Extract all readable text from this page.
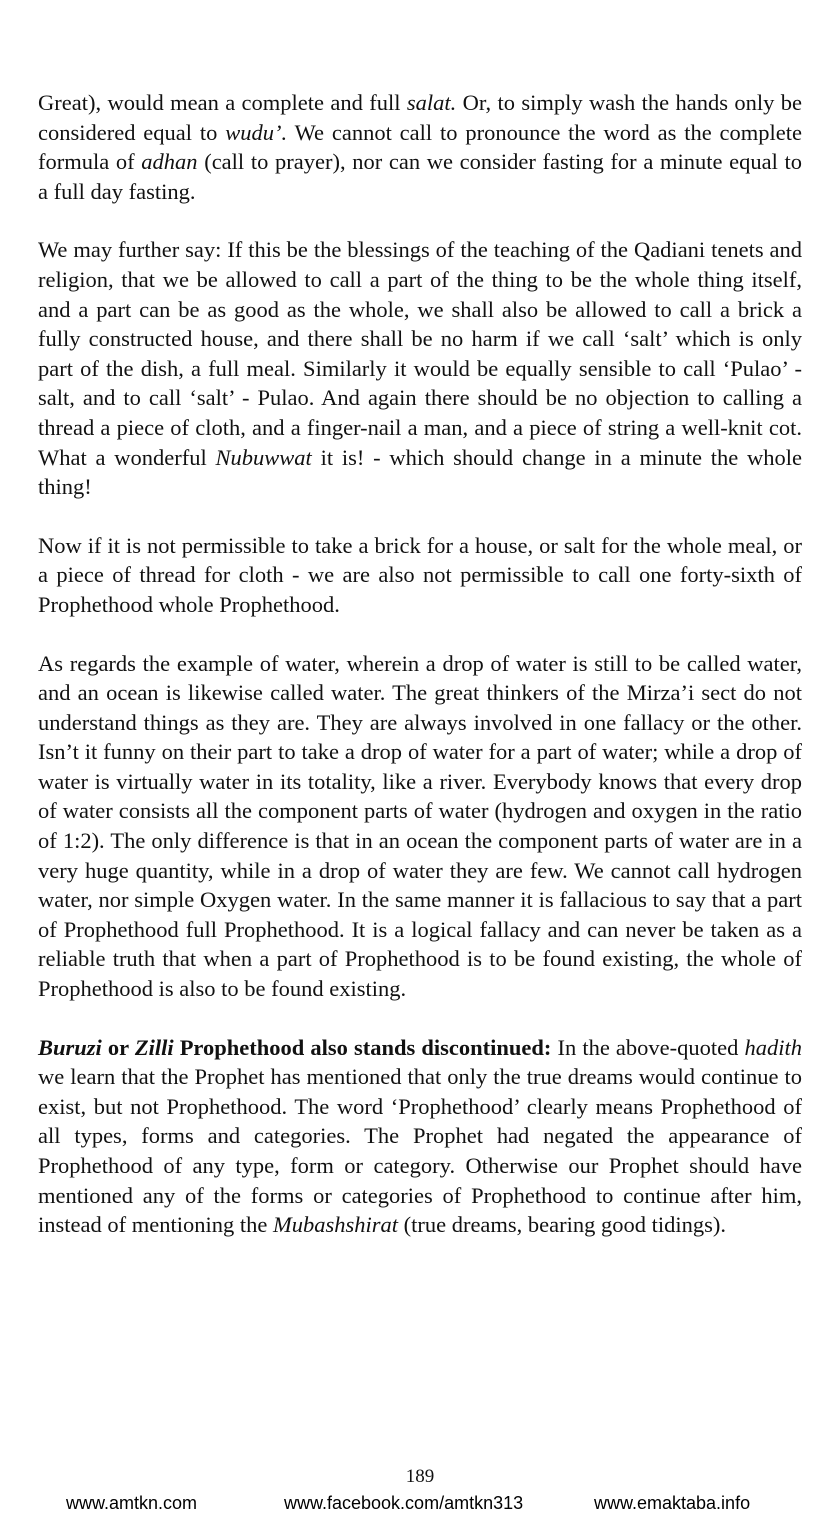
Great), would mean a complete and full salat. Or, to simply wash the hands only be considered equal to wudu’. We cannot call to pronounce the word as the complete formula of adhan (call to prayer), nor can we consider fasting for a minute equal to a full day fasting.

We may further say: If this be the blessings of the teaching of the Qadiani tenets and religion, that we be allowed to call a part of the thing to be the whole thing itself, and a part can be as good as the whole, we shall also be allowed to call a brick a fully constructed house, and there shall be no harm if we call ‘salt’ which is only part of the dish, a full meal. Similarly it would be equally sensible to call ‘Pulao’ - salt, and to call ‘salt’ - Pulao. And again there should be no objection to calling a thread a piece of cloth, and a finger-nail a man, and a piece of string a well-knit cot. What a wonderful Nubuwwat it is! - which should change in a minute the whole thing!

Now if it is not permissible to take a brick for a house, or salt for the whole meal, or a piece of thread for cloth - we are also not permissible to call one forty-sixth of Prophethood whole Prophethood.

As regards the example of water, wherein a drop of water is still to be called water, and an ocean is likewise called water. The great thinkers of the Mirza’i sect do not understand things as they are. They are always involved in one fallacy or the other. Isn’t it funny on their part to take a drop of water for a part of water; while a drop of water is virtually water in its totality, like a river. Everybody knows that every drop of water consists all the component parts of water (hydrogen and oxygen in the ratio of 1:2). The only difference is that in an ocean the component parts of water are in a very huge quantity, while in a drop of water they are few. We cannot call hydrogen water, nor simple Oxygen water. In the same manner it is fallacious to say that a part of Prophethood full Prophethood. It is a logical fallacy and can never be taken as a reliable truth that when a part of Prophethood is to be found existing, the whole of Prophethood is also to be found existing.

Buruzi or Zilli Prophethood also stands discontinued: In the above-quoted hadith we learn that the Prophet has mentioned that only the true dreams would continue to exist, but not Prophethood. The word ‘Prophethood’ clearly means Prophethood of all types, forms and categories. The Prophet had negated the appearance of Prophethood of any type, form or category. Otherwise our Prophet should have mentioned any of the forms or categories of Prophethood to continue after him, instead of mentioning the Mubashshirat (true dreams, bearing good tidings).

189
www.amtkn.com	www.facebook.com/amtkn313	www.emaktaba.info
